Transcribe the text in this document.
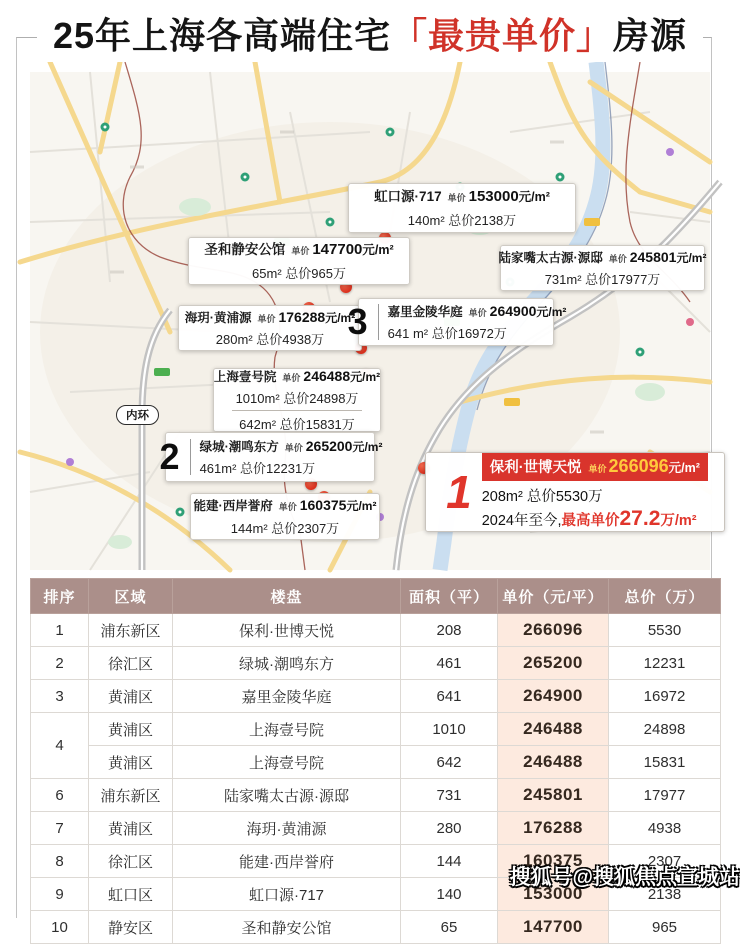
25年上海各高端住宅「最贵单价」房源
内环
虹口源·717 单价 153000元/m²
140m² 总价2138万
圣和静安公馆 单价 147700元/m²
65m² 总价965万
陆家嘴太古源·源邸 单价 245801元/m²
731m² 总价17977万
海玥·黄浦源 单价 176288元/m²
280m² 总价4938万 3	嘉里金陵华庭 单价 264900元/m²
641 m² 总价16972万
上海壹号院 单价 246488元/m²
1010m² 总价24898万
642m² 总价15831万
2	绿城·潮鸣东方 单价 265200元/m²
461m² 总价12231万
能建·西岸誉府 单价 160375元/m²
144m² 总价2307万
1	保利·世博天悦 单价 266096元/m²
208m² 总价5530万
2024年至今,最高单价27.2万/m²
排序	区域	楼盘	面积（平）	单价（元/平）	总价（万）
1	浦东新区	保利·世博天悦	208	266096	5530
2	徐汇区	绿城·潮鸣东方	461	265200	12231
3	黄浦区	嘉里金陵华庭	641	264900	16972
4	黄浦区	上海壹号院	1010	246488	24898
	黄浦区	上海壹号院	642	246488	15831
6	浦东新区	陆家嘴太古源·源邸	731	245801	17977
7	黄浦区	海玥·黄浦源	280	176288	4938
8	徐汇区	能建·西岸誉府	144	160375	2307
9	虹口区	虹口源·717	140	153000	2138
10	静安区	圣和静安公馆	65	147700	965
搜狐号@搜狐焦点宣城站
